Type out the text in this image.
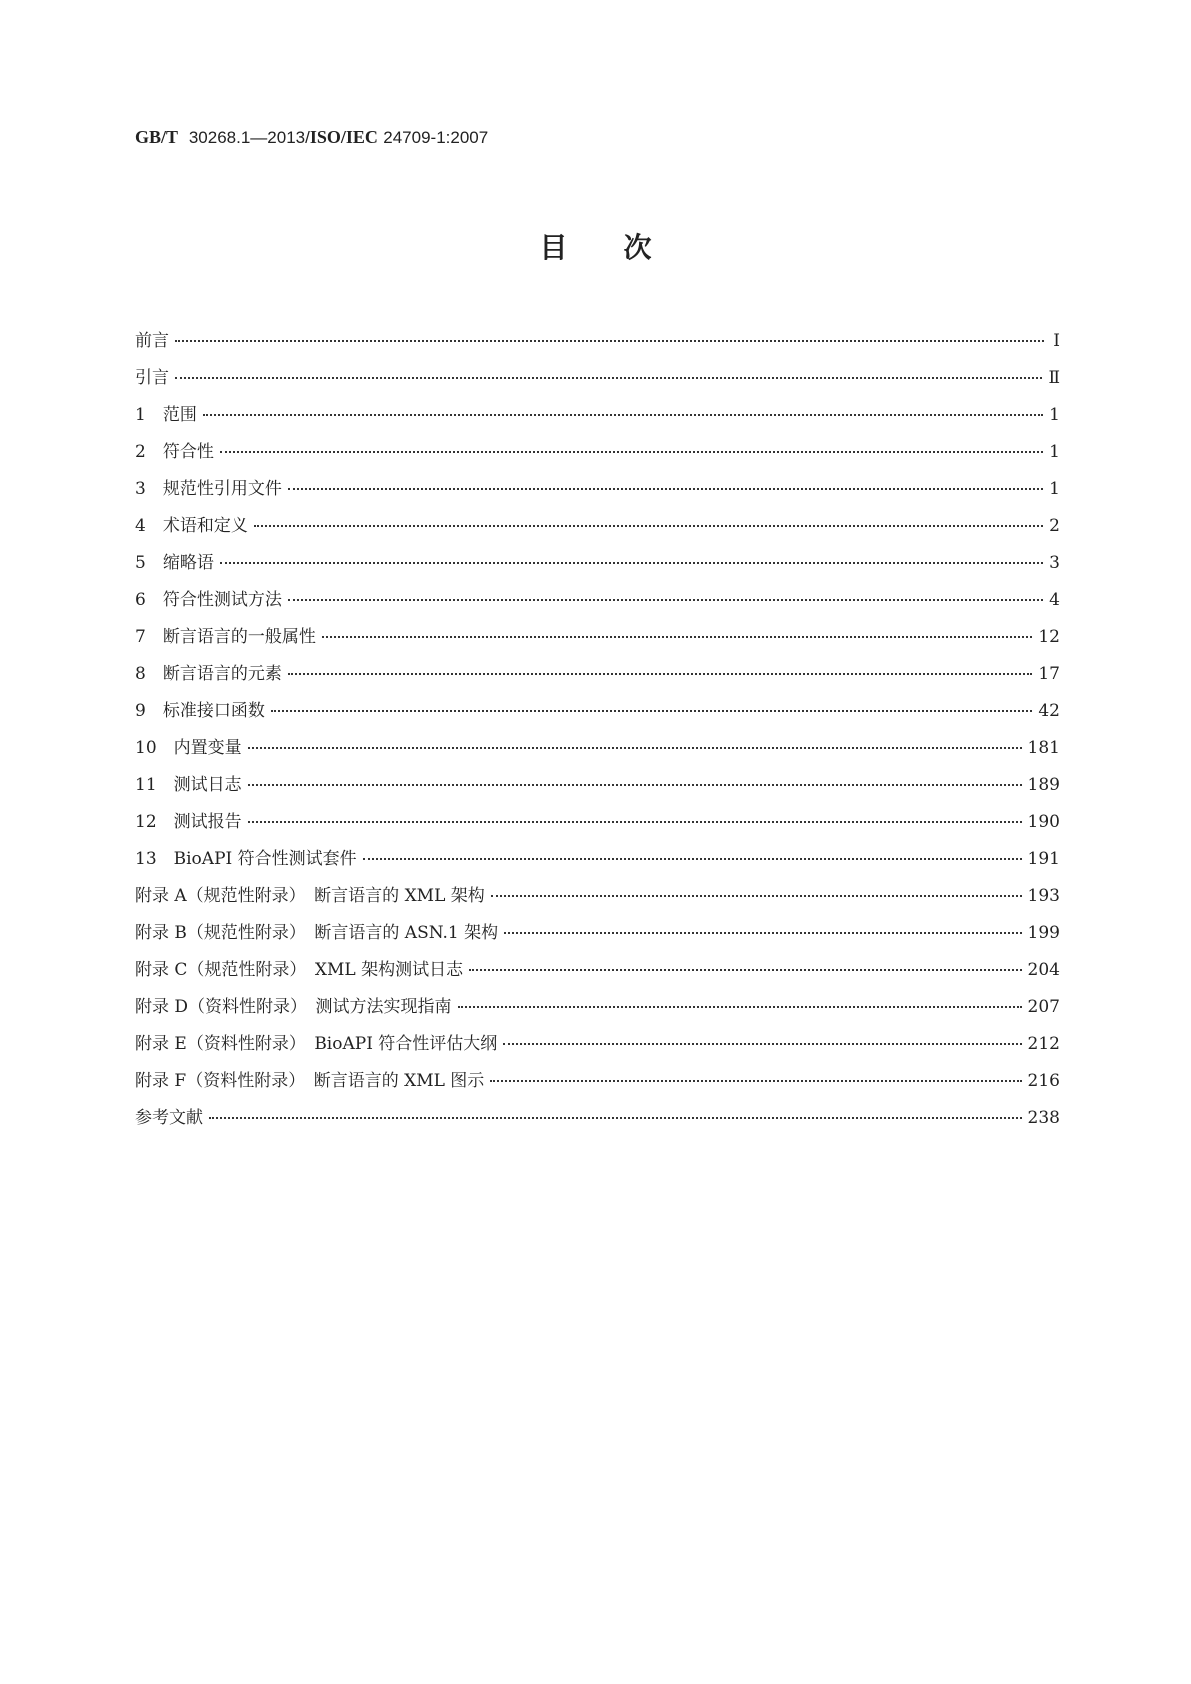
GB/T 30268.1—2013/ISO/IEC 24709-1:2007
目次
前言	Ⅰ
引言	Ⅱ
1　范围	1
2　符合性	1
3　规范性引用文件	1
4　术语和定义	2
5　缩略语	3
6　符合性测试方法	4
7　断言语言的一般属性	12
8　断言语言的元素	17
9　标准接口函数	42
10　内置变量	181
11　测试日志	189
12　测试报告	190
13　BioAPI 符合性测试套件	191
附录 A（规范性附录）　断言语言的 XML 架构	193
附录 B（规范性附录）　断言语言的 ASN.1 架构	199
附录 C（规范性附录）　XML 架构测试日志	204
附录 D（资料性附录）　测试方法实现指南	207
附录 E（资料性附录）　BioAPI 符合性评估大纲	212
附录 F（资料性附录）　断言语言的 XML 图示	216
参考文献	238
